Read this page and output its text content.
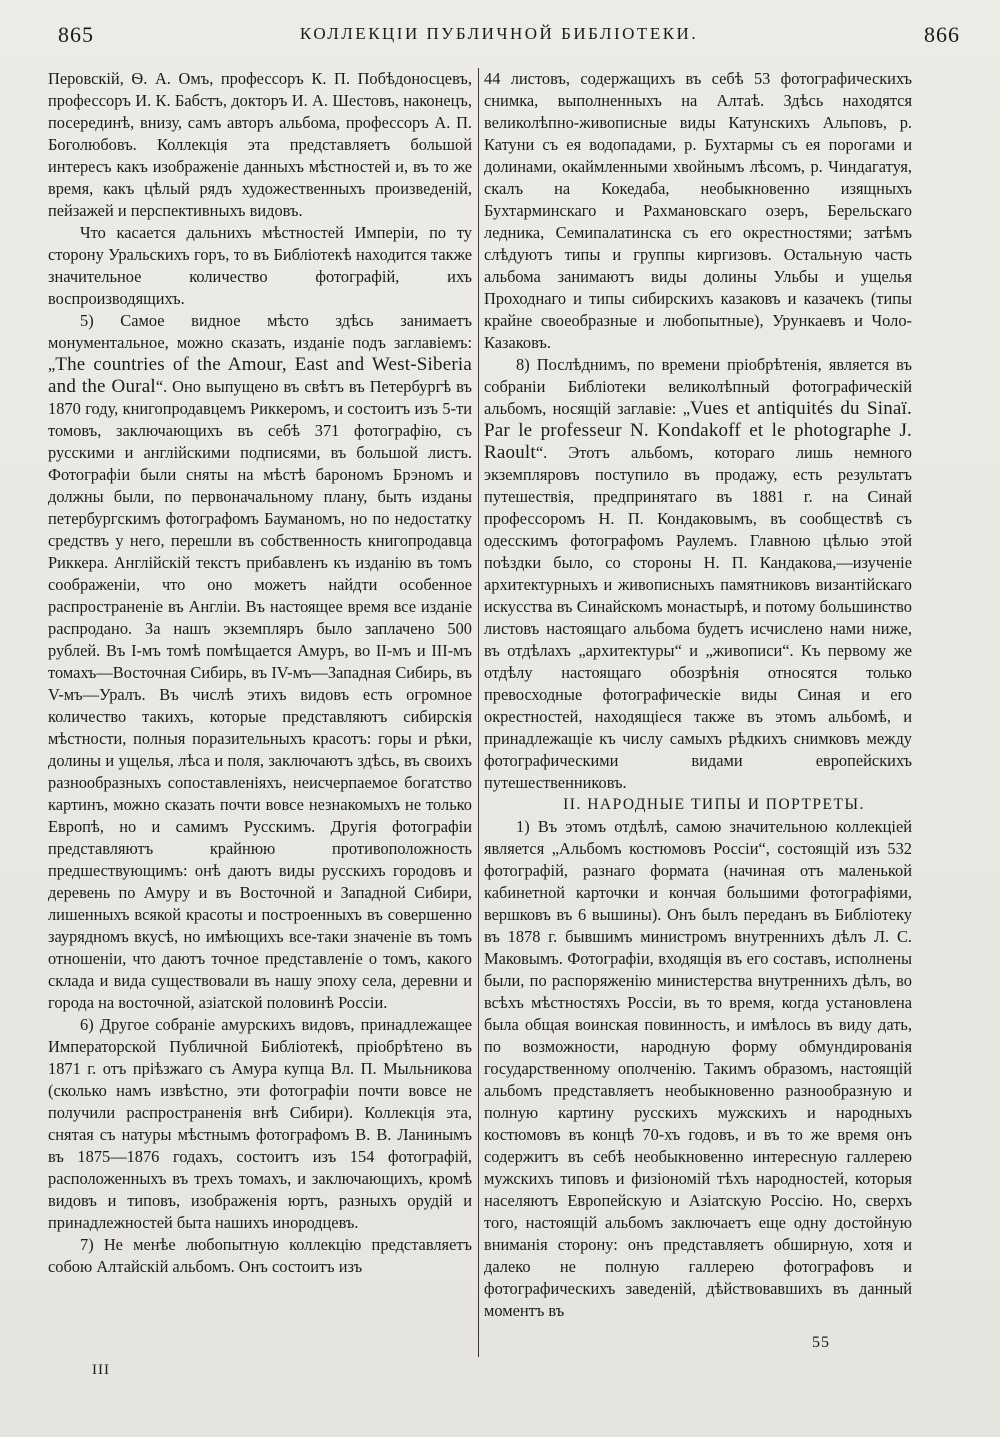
865	КОЛЛЕКЦІИ ПУБЛИЧНОЙ БИБЛІОТЕКИ.	866

Перовскій, Ѳ. А. Омъ, профессоръ К. П. Побѣдоносцевъ, профессоръ И. К. Бабстъ, докторъ И. А. Шестовъ, наконецъ, посерединѣ, внизу, самъ авторъ альбома, профессоръ А. П. Боголюбовъ. Коллекція эта представляетъ большой интересъ какъ изображеніе данныхъ мѣстностей и, въ то же время, какъ цѣлый рядъ художественныхъ произведеній, пейзажей и перспективныхъ видовъ.

Что касается дальнихъ мѣстностей Имперіи, по ту сторону Уральскихъ горъ, то въ Библіотекѣ находится также значительное количество фотографій, ихъ воспроизводящихъ.

5) Самое видное мѣсто здѣсь занимаетъ монументальное, можно сказать, изданіе подъ заглавіемъ: „The countries of the Amour, East and West-Siberia and the Oural“. Оно выпущено въ свѣтъ въ Петербургѣ въ 1870 году, книгопродавцемъ Риккеромъ, и состоитъ изъ 5-ти томовъ, заключающихъ въ себѣ 371 фотографію, съ русскими и англійскими подписями, въ большой листъ. Фотографіи были сняты на мѣстѣ барономъ Брэномъ и должны были, по первоначальному плану, быть изданы петербургскимъ фотографомъ Бауманомъ, но по недостатку средствъ у него, перешли въ собственность книгопродавца Риккера. Англійскій текстъ прибавленъ къ изданію въ томъ соображеніи, что оно можетъ найдти особенное распространеніе въ Англіи. Въ настоящее время все изданіе распродано. За нашъ экземпляръ было заплачено 500 рублей. Въ I-мъ томѣ помѣщается Амуръ, во II-мъ и III-мъ томахъ—Восточная Сибирь, въ IV-мъ—Западная Сибирь, въ V-мъ—Уралъ. Въ числѣ этихъ видовъ есть огромное количество такихъ, которые представляютъ сибирскія мѣстности, полныя поразительныхъ красотъ: горы и рѣки, долины и ущелья, лѣса и поля, заключаютъ здѣсь, въ своихъ разнообразныхъ сопоставленіяхъ, неисчерпаемое богатство картинъ, можно сказать почти вовсе незнакомыхъ не только Европѣ, но и самимъ Русскимъ. Другія фотографіи представляютъ крайнюю противоположность предшествующимъ: онѣ даютъ виды русскихъ городовъ и деревень по Амуру и въ Восточной и Западной Сибири, лишенныхъ всякой красоты и построенныхъ въ совершенно заурядномъ вкусѣ, но имѣющихъ все-таки значеніе въ томъ отношеніи, что даютъ точное представленіе о томъ, какого склада и вида существовали въ нашу эпоху села, деревни и города на восточной, азіатской половинѣ Россіи.

6) Другое собраніе амурскихъ видовъ, принадлежащее Императорской Публичной Библіотекѣ, пріобрѣтено въ 1871 г. отъ пріѣзжаго съ Амура купца Вл. П. Мыльникова (сколько намъ извѣстно, эти фотографіи почти вовсе не получили распространенія внѣ Сибири). Коллекція эта, снятая съ натуры мѣстнымъ фотографомъ В. В. Ланинымъ въ 1875—1876 годахъ, состоитъ изъ 154 фотографій, расположенныхъ въ трехъ томахъ, и заключающихъ, кромѣ видовъ и типовъ, изображенія юртъ, разныхъ орудій и принадлежностей быта нашихъ инородцевъ.

7) Не менѣе любопытную коллекцію представляетъ собою Алтайскій альбомъ. Онъ состоитъ изъ

44 листовъ, содержащихъ въ себѣ 53 фотографическихъ снимка, выполненныхъ на Алтаѣ. Здѣсь находятся великолѣпно-живописные виды Катунскихъ Альповъ, р. Катуни съ ея водопадами, р. Бухтармы съ ея порогами и долинами, окаймленными хвойнымъ лѣсомъ, р. Чиндагатуя, скалъ на Кокедаба, необыкновенно изящныхъ Бухтарминскаго и Рахмановскаго озеръ, Берельскаго ледника, Семипалатинска съ его окрестностями; затѣмъ слѣдуютъ типы и группы киргизовъ. Остальную часть альбома занимаютъ виды долины Ульбы и ущелья Проходнаго и типы сибирскихъ казаковъ и казачекъ (типы крайне своеобразные и любопытные), Урункаевъ и Чоло-Казаковъ.

8) Послѣднимъ, по времени пріобрѣтенія, является въ собраніи Библіотеки великолѣпный фотографическій альбомъ, носящій заглавіе: „Vues et antiquités du Sinaï. Par le professeur N. Kondakoff et le photographe J. Raoult“. Этотъ альбомъ, котораго лишь немного экземпляровъ поступило въ продажу, есть результатъ путешествія, предпринятаго въ 1881 г. на Синай профессоромъ Н. П. Кондаковымъ, въ сообществѣ съ одесскимъ фотографомъ Раулемъ. Главною цѣлью этой поѣздки было, со стороны Н. П. Кандакова,—изученіе архитектурныхъ и живописныхъ памятниковъ византійскаго искусства въ Синайскомъ монастырѣ, и потому большинство листовъ настоящаго альбома будетъ исчислено нами ниже, въ отдѣлахъ „архитектуры“ и „живописи“. Къ первому же отдѣлу настоящаго обозрѣнія относятся только превосходные фотографическіе виды Синая и его окрестностей, находящіеся также въ этомъ альбомѣ, и принадлежащіе къ числу самыхъ рѣдкихъ снимковъ между фотографическими видами европейскихъ путешественниковъ.

II. НАРОДНЫЕ ТИПЫ И ПОРТРЕТЫ.

1) Въ этомъ отдѣлѣ, самою значительною коллекціей является „Альбомъ костюмовъ Россіи“, состоящій изъ 532 фотографій, разнаго формата (начиная отъ маленькой кабинетной карточки и кончая большими фотографіями, вершковъ въ 6 вышины). Онъ былъ переданъ въ Библіотеку въ 1878 г. бывшимъ министромъ внутреннихъ дѣлъ Л. С. Маковымъ. Фотографіи, входящія въ его составъ, исполнены были, по распоряженію министерства внутреннихъ дѣлъ, во всѣхъ мѣстностяхъ Россіи, въ то время, когда установлена была общая воинская повинность, и имѣлось въ виду дать, по возможности, народную форму обмундированія государственному ополченію. Такимъ образомъ, настоящій альбомъ представляетъ необыкновенно разнообразную и полную картину русскихъ мужскихъ и народныхъ костюмовъ въ концѣ 70-хъ годовъ, и въ то же время онъ содержитъ въ себѣ необыкновенно интересную галлерею мужскихъ типовъ и физіономій тѣхъ народностей, которыя населяютъ Европейскую и Азіатскую Россію. Но, сверхъ того, настоящій альбомъ заключаетъ еще одну достойную вниманія сторону: онъ представляетъ обширную, хотя и далеко не полную галлерею фотографовъ и фотографическихъ заведеній, дѣйствовавшихъ въ данный моментъ въ

III
55
